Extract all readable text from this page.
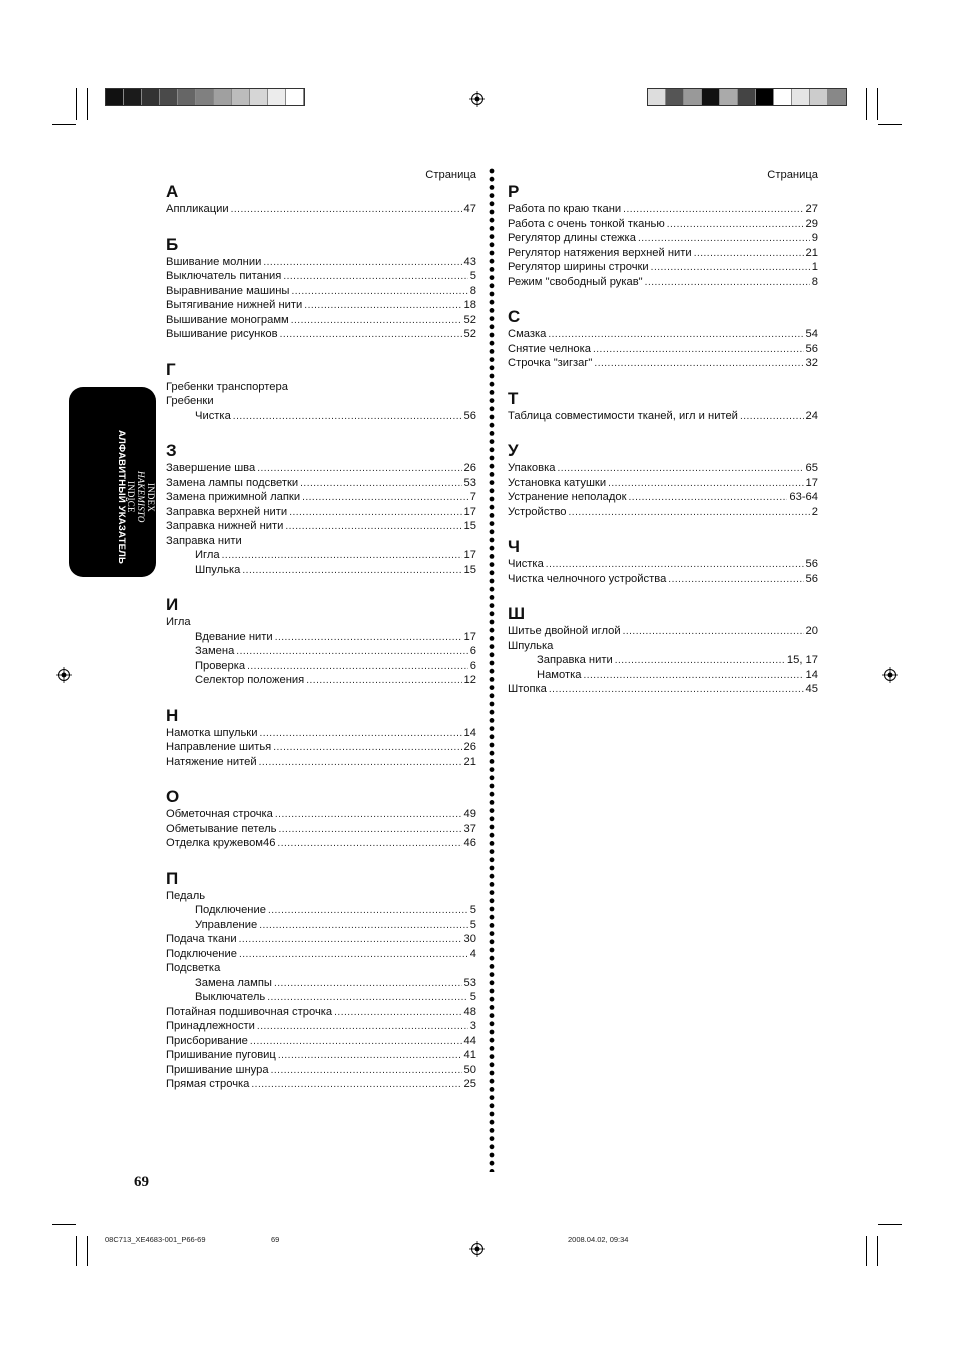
INDEX
HAKEMISTO
INDICE
АЛФАВИТНЫЙ УКАЗАТЕЛЬ
Страница
А
Аппликации .....	47
Б
Вшивание молнии .....	43
Выключатель питания .....	5
Выравнивание машины .....	8
Вытягивание нижней нити .....	18
Вышивание монограмм .....	52
Вышивание рисунков .....	52
Г
Гребенки транспортера
Гребенки
Чистка .....	56
З
Завершение шва .....	26
Замена лампы подсветки .....	53
Замена прижимной лапки .....	7
Заправка верхней нити .....	17
Заправка нижней нити .....	15
Заправка нити
Игла .....	17
Шпулька .....	15
И
Игла
Вдевание нити .....	17
Замена .....	6
Проверка .....	6
Селектор положения .....	12
Н
Намотка шпульки .....	14
Направление шитья .....	26
Натяжение нитей .....	21
О
Обметочная строчка .....	49
Обметывание петель .....	37
Отделка кружевом46 .....	46
П
Педаль
Подключение .....	5
Управление .....	5
Подача ткани .....	30
Подключение .....	4
Подсветка
Замена лампы .....	53
Выключатель .....	5
Потайная подшивочная строчка .....	48
Принадлежности .....	3
Присборивание .....	44
Пришивание пуговиц .....	41
Пришивание шнура .....	50
Прямая строчка .....	25
Страница
Р
Работа по краю ткани .....	27
Работа с очень тонкой тканью .....	29
Регулятор длины стежка .....	9
Регулятор натяжения верхней нити .....	21
Регулятор ширины строчки .....	1
Режим "свободный рукав" .....	8
С
Смазка .....	54
Снятие челнока .....	56
Строчка "зигзаг" .....	32
Т
Таблица совместимости тканей, игл и нитей .....	24
У
Упаковка .....	65
Установка катушки .....	17
Устранение неполадок .....	63-64
Устройство .....	2
Ч
Чистка .....	56
Чистка челночного устройства .....	56
Ш
Шитье двойной иглой .....	20
Шпулька
Заправка нити .....	15, 17
Намотка .....	14
Штопка .....	45
69
08C713_XE4683-001_P66-69	69	2008.04.02, 09:34
